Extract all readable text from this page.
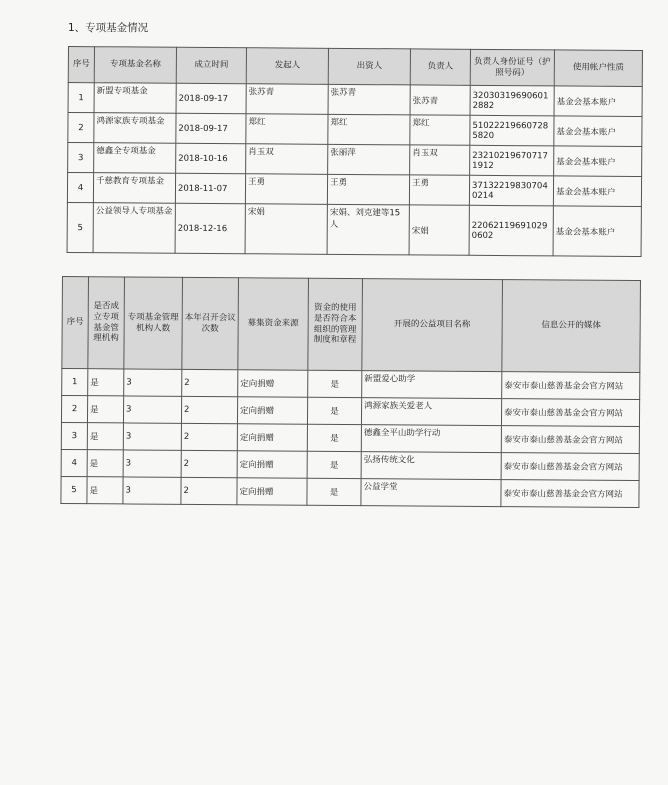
1、专项基金情况
序号	专项基金名称	成立时间	发起人	出资人	负责人	负责人身份证号（护照号码）	使用帐户性质
1	新盟专项基金	2018-09-17	张苏青	张苏青	张苏青	320303196906012882	基金会基本账户
2	鸿源家族专项基金	2018-09-17	郑红	郑红	郑红	510222196607285820	基金会基本账户
3	德鑫全专项基金	2018-10-16	肖玉双	张丽萍	肖玉双	232102196707171912	基金会基本账户
4	千慈教育专项基金	2018-11-07	王勇	王勇	王勇	371322198307040214	基金会基本账户
5	公益领导人专项基金	2018-12-16	宋娟	宋娟、刘克建等15人	宋娟	220621196910290602	基金会基本账户
序号	是否成立专项基金管理机构	专项基金管理机构人数	本年召开会议次数	募集资金来源	资金的使用是否符合本组织的管理制度和章程	开展的公益项目名称	信息公开的媒体
1	是	3	2	定向捐赠	是	新盟爱心助学	泰安市泰山慈善基金会官方网站
2	是	3	2	定向捐赠	是	鸿源家族关爱老人	泰安市泰山慈善基金会官方网站
3	是	3	2	定向捐赠	是	德鑫全平山助学行动	泰安市泰山慈善基金会官方网站
4	是	3	2	定向捐赠	是	弘扬传统文化	泰安市泰山慈善基金会官方网站
5	是	3	2	定向捐赠	是	公益学堂	泰安市泰山慈善基金会官方网站
